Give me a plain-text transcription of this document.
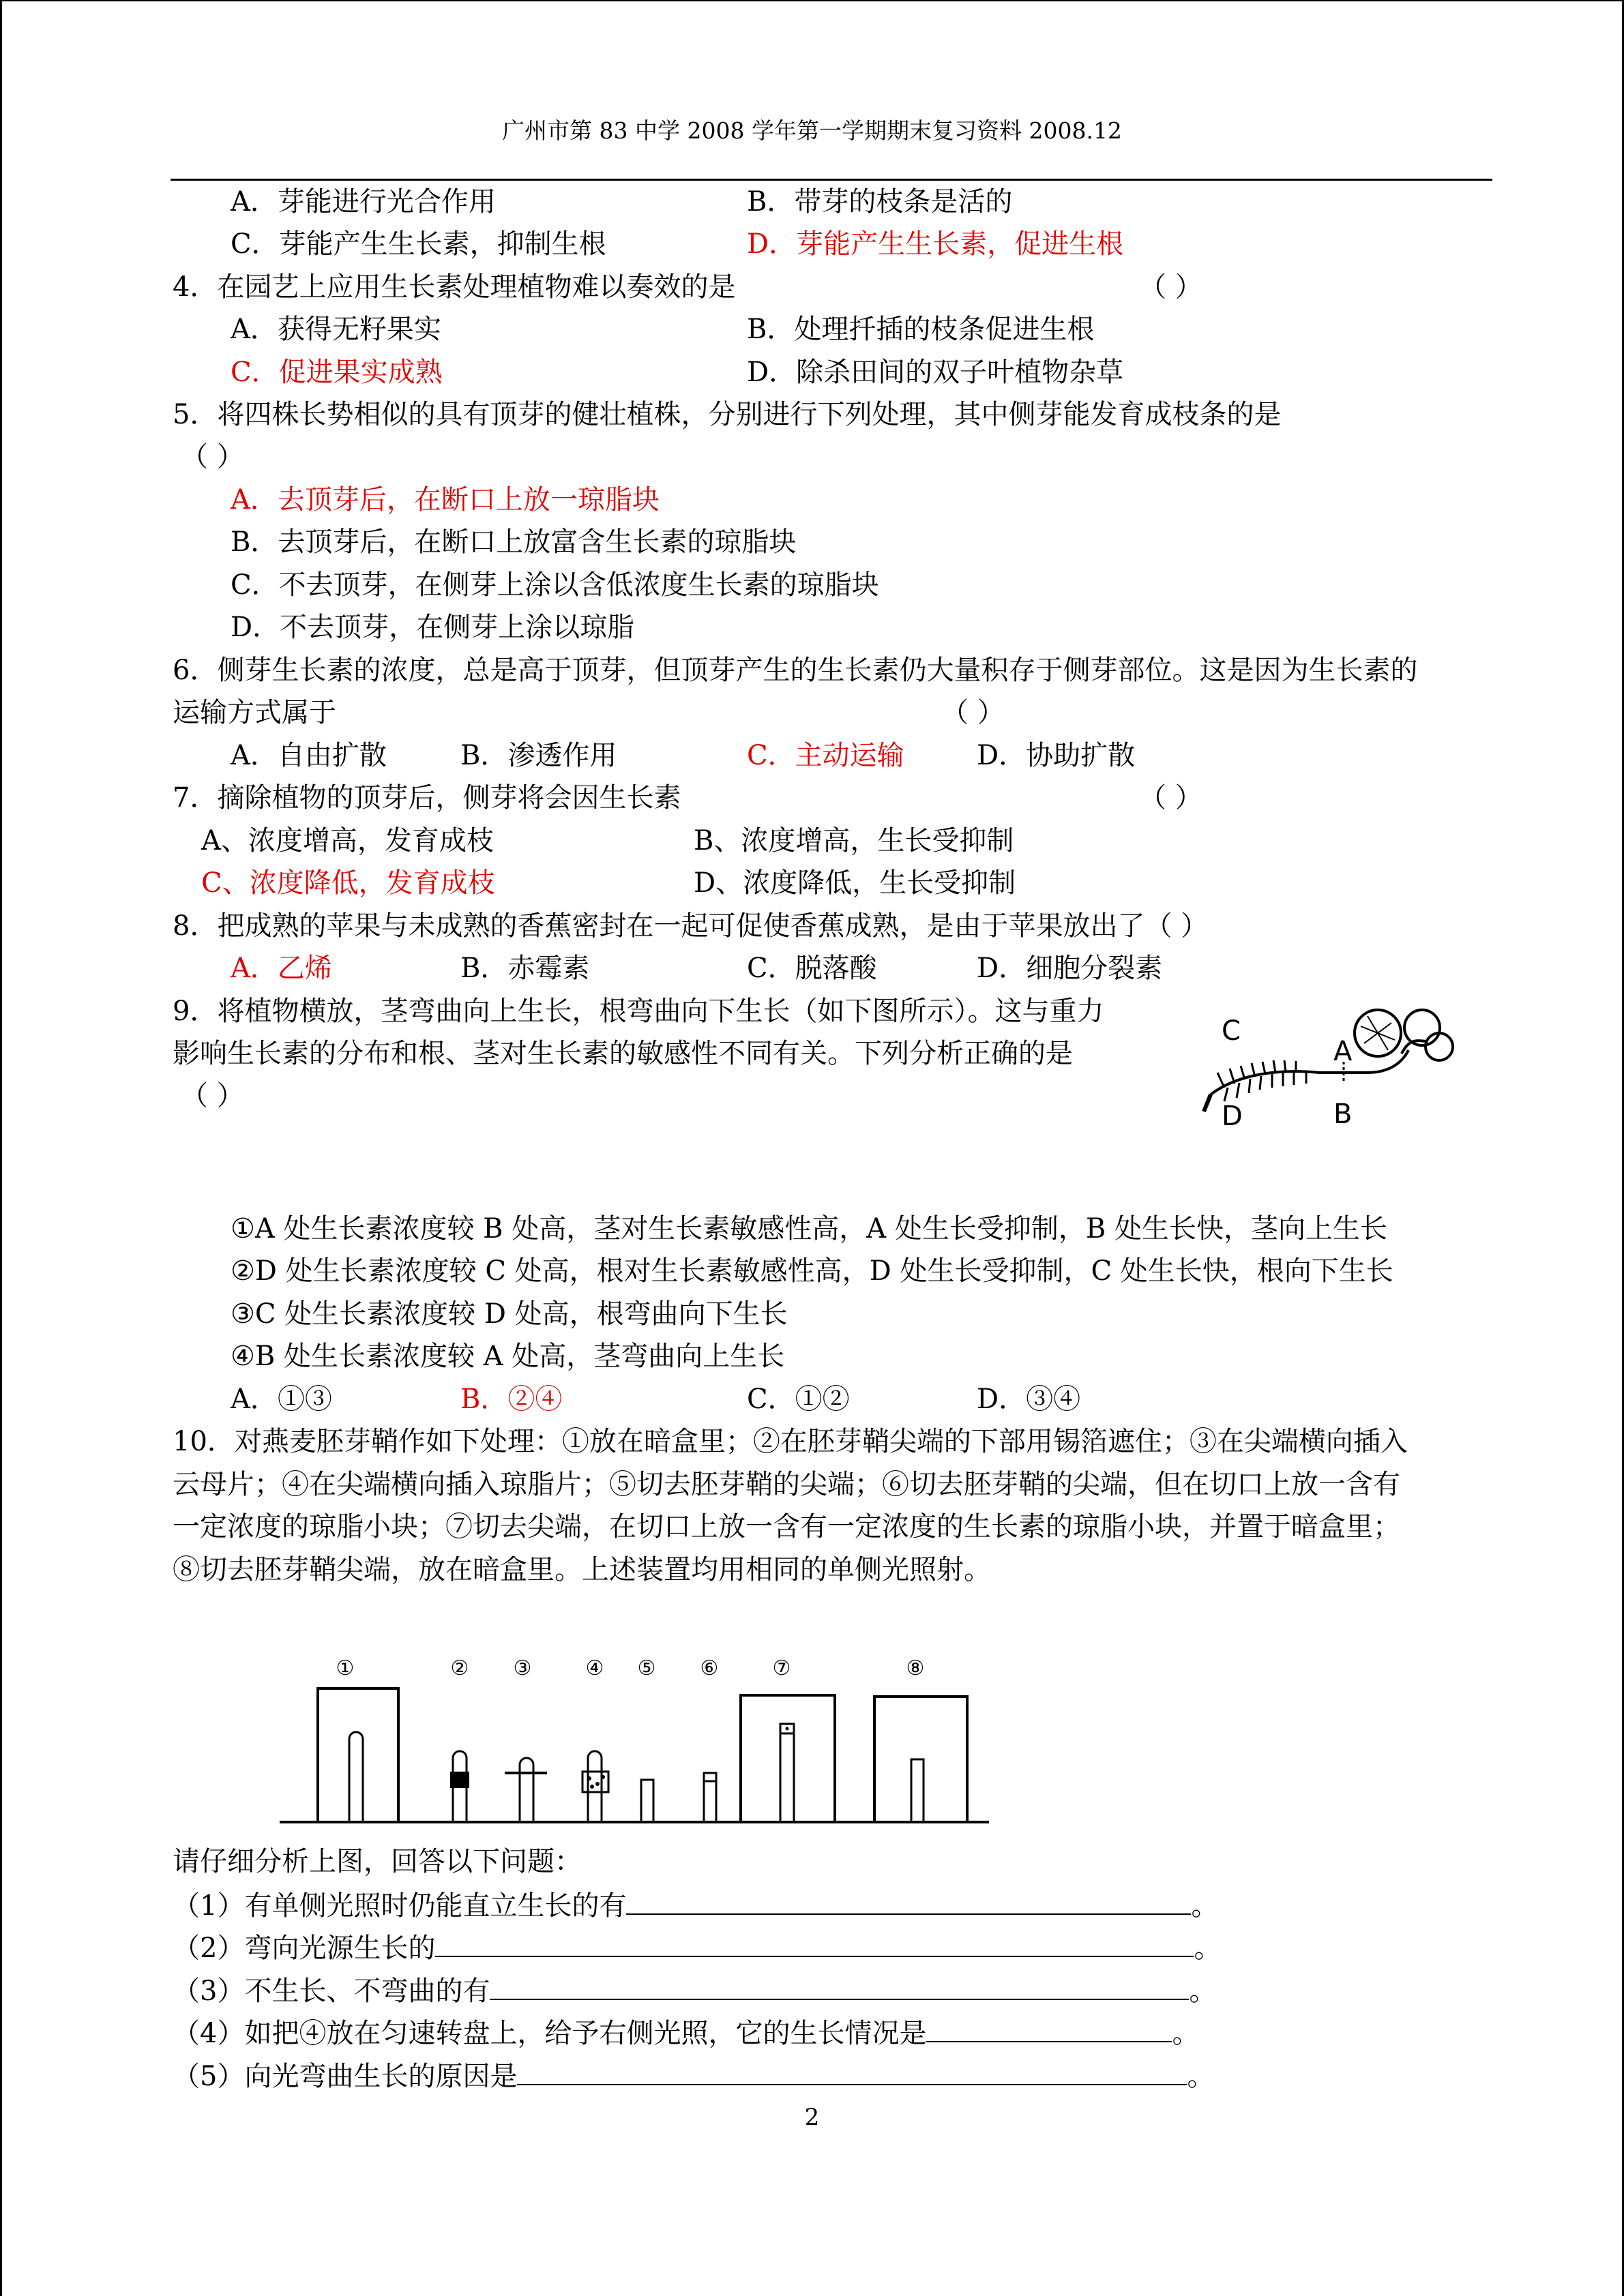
广州市第 83 中学 2008 学年第一学期期末复习资料 2008.12
A．芽能进行光合作用	B．带芽的枝条是活的
C．芽能产生生长素，抑制生根	D．芽能产生生长素，促进生根
4．在园艺上应用生长素处理植物难以奏效的是	（ ）
A．获得无籽果实	B．处理扦插的枝条促进生根
C．促进果实成熟	D．除杀田间的双子叶植物杂草
5．将四株长势相似的具有顶芽的健壮植株，分别进行下列处理，其中侧芽能发育成枝条的是
（ ）
A．去顶芽后，在断口上放一琼脂块
B．去顶芽后，在断口上放富含生长素的琼脂块
C．不去顶芽，在侧芽上涂以含低浓度生长素的琼脂块
D．不去顶芽，在侧芽上涂以琼脂
6．侧芽生长素的浓度，总是高于顶芽，但顶芽产生的生长素仍大量积存于侧芽部位。这是因为生长素的
运输方式属于	（ ）
A．自由扩散	B．渗透作用	C．主动运输	D．协助扩散
7．摘除植物的顶芽后，侧芽将会因生长素	（ ）
A、浓度增高，发育成枝	B、浓度增高，生长受抑制
C、浓度降低，发育成枝	D、浓度降低，生长受抑制
8．把成熟的苹果与未成熟的香蕉密封在一起可促使香蕉成熟，是由于苹果放出了（ ）
A．乙烯	B．赤霉素	C．脱落酸	D．细胞分裂素
9．将植物横放，茎弯曲向上生长，根弯曲向下生长（如下图所示）。这与重力
影响生长素的分布和根、茎对生长素的敏感性不同有关。下列分析正确的是
（ ）
C
A
D	B
①A 处生长素浓度较 B 处高，茎对生长素敏感性高，A 处生长受抑制，B 处生长快，茎向上生长
②D 处生长素浓度较 C 处高，根对生长素敏感性高，D 处生长受抑制，C 处生长快，根向下生长
③C 处生长素浓度较 D 处高，根弯曲向下生长
④B 处生长素浓度较 A 处高，茎弯曲向上生长
A．①③	B．②④	C．①②	D．③④
10．对燕麦胚芽鞘作如下处理：①放在暗盒里；②在胚芽鞘尖端的下部用锡箔遮住；③在尖端横向插入
云母片；④在尖端横向插入琼脂片；⑤切去胚芽鞘的尖端；⑥切去胚芽鞘的尖端，但在切口上放一含有
一定浓度的琼脂小块；⑦切去尖端，在切口上放一含有一定浓度的生长素的琼脂小块，并置于暗盒里；
⑧切去胚芽鞘尖端，放在暗盒里。上述装置均用相同的单侧光照射。
①	② ③	④ ⑤ ⑥	⑦	⑧
请仔细分析上图，回答以下问题：
（1）有单侧光照时仍能直立生长的有	。
（2）弯向光源生长的	。
（3）不生长、不弯曲的有	。
（4）如把④放在匀速转盘上，给予右侧光照，它的生长情况是	。
（5）向光弯曲生长的原因是	。
2
